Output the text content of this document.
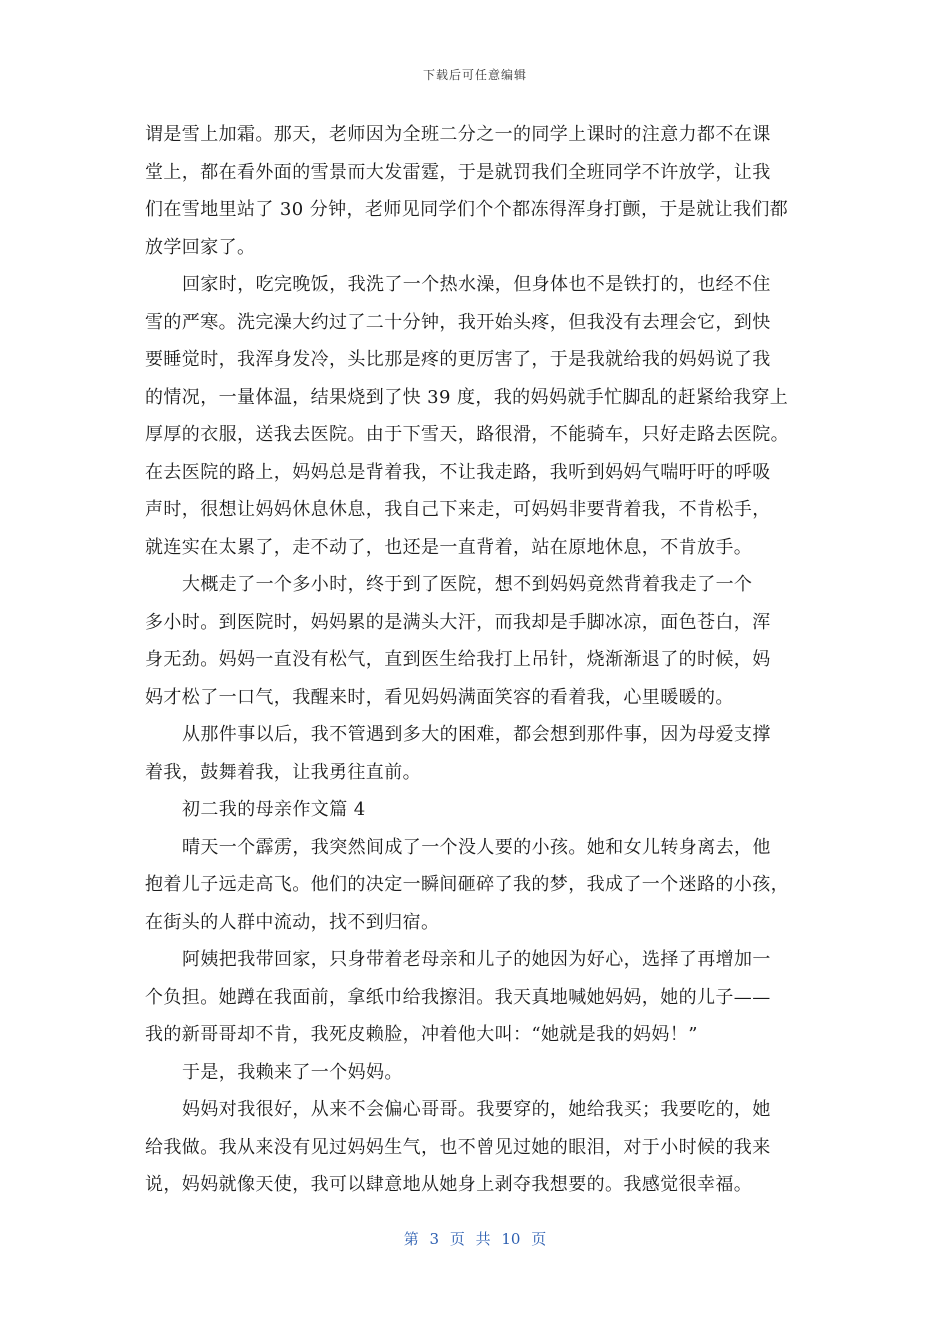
下载后可任意编辑
谓是雪上加霜。那天，老师因为全班二分之一的同学上课时的注意力都不在课
堂上，都在看外面的雪景而大发雷霆，于是就罚我们全班同学不许放学，让我
们在雪地里站了 30 分钟，老师见同学们个个都冻得浑身打颤，于是就让我们都
放学回家了。
回家时，吃完晚饭，我洗了一个热水澡，但身体也不是铁打的，也经不住
雪的严寒。洗完澡大约过了二十分钟，我开始头疼，但我没有去理会它，到快
要睡觉时，我浑身发冷，头比那是疼的更厉害了，于是我就给我的妈妈说了我
的情况，一量体温，结果烧到了快 39 度，我的妈妈就手忙脚乱的赶紧给我穿上
厚厚的衣服，送我去医院。由于下雪天，路很滑，不能骑车，只好走路去医院。
在去医院的路上，妈妈总是背着我，不让我走路，我听到妈妈气喘吁吁的呼吸
声时，很想让妈妈休息休息，我自己下来走，可妈妈非要背着我，不肯松手，
就连实在太累了，走不动了，也还是一直背着，站在原地休息，不肯放手。
大概走了一个多小时，终于到了医院，想不到妈妈竟然背着我走了一个
多小时。到医院时，妈妈累的是满头大汗，而我却是手脚冰凉，面色苍白，浑
身无劲。妈妈一直没有松气，直到医生给我打上吊针，烧渐渐退了的时候，妈
妈才松了一口气，我醒来时，看见妈妈满面笑容的看着我，心里暖暖的。
从那件事以后，我不管遇到多大的困难，都会想到那件事，因为母爱支撑
着我，鼓舞着我，让我勇往直前。
初二我的母亲作文篇 4
晴天一个霹雳，我突然间成了一个没人要的小孩。她和女儿转身离去，他
抱着儿子远走高飞。他们的决定一瞬间砸碎了我的梦，我成了一个迷路的小孩，
在街头的人群中流动，找不到归宿。
阿姨把我带回家，只身带着老母亲和儿子的她因为好心，选择了再增加一
个负担。她蹲在我面前，拿纸巾给我擦泪。我天真地喊她妈妈，她的儿子——
我的新哥哥却不肯，我死皮赖脸，冲着他大叫：“她就是我的妈妈！”
于是，我赖来了一个妈妈。
妈妈对我很好，从来不会偏心哥哥。我要穿的，她给我买；我要吃的，她
给我做。我从来没有见过妈妈生气，也不曾见过她的眼泪，对于小时候的我来
说，妈妈就像天使，我可以肆意地从她身上剥夺我想要的。我感觉很幸福。
第 3 页 共 10 页
